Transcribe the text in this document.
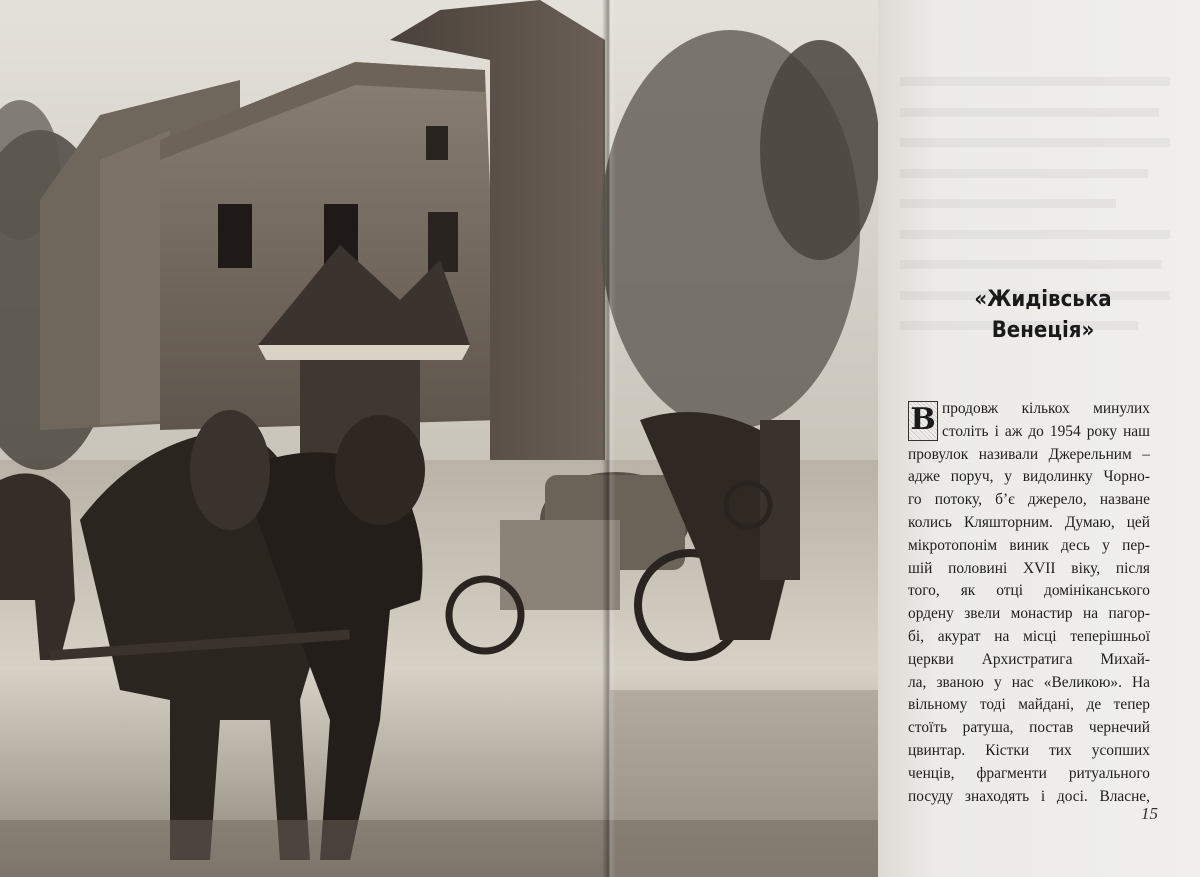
«Жидівська
Венеція»
В продовж кількох минулих
століть і аж до 1954 року наш
провулок називали Джерельним –
адже поруч, у видолинку Чорно-
го потоку, б’є джерело, назване
колись Кляшторним. Думаю, цей
мікротопонім виник десь у пер-
шій половині XVII віку, після
того, як отці домініканського
ордену звели монастир на пагор-
бі, акурат на місці теперішньої
церкви Архистратига Михай-
ла, званою у нас «Великою». На
вільному тоді майдані, де тепер
стоїть ратуша, постав чернечий
цвинтар. Кістки тих усопших
ченців, фрагменти ритуального
посуду знаходять і досі. Власне,
15
